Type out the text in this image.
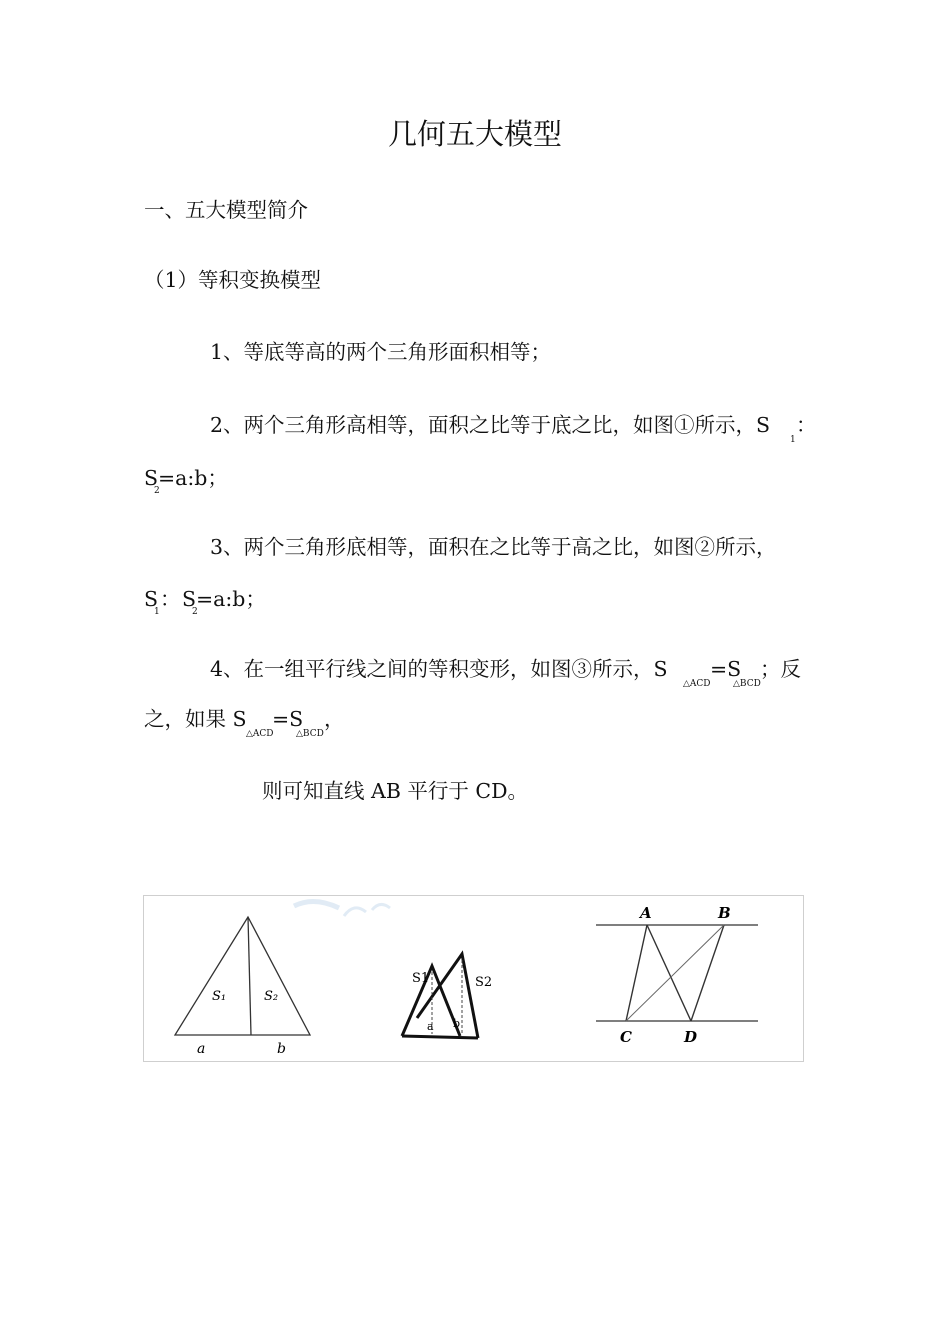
几何五大模型
一、五大模型简介
（1）等积变换模型
1、等底等高的两个三角形面积相等；
2、两个三角形高相等，面积之比等于底之比，如图①所示，S
1
：
S
2
=a:b；
3、两个三角形底相等，面积在之比等于高之比，如图②所示，
S
1
： S
2
=a:b；
4、在一组平行线之间的等积变形，如图③所示，S
△ACD
=S
△BCD
；反
之，如果 S
△ACD
=S
△BCD
，
则可知直线 AB 平行于 CD。
S₁	S₂
a	b
S1	S2
a b
A	B
C	D
